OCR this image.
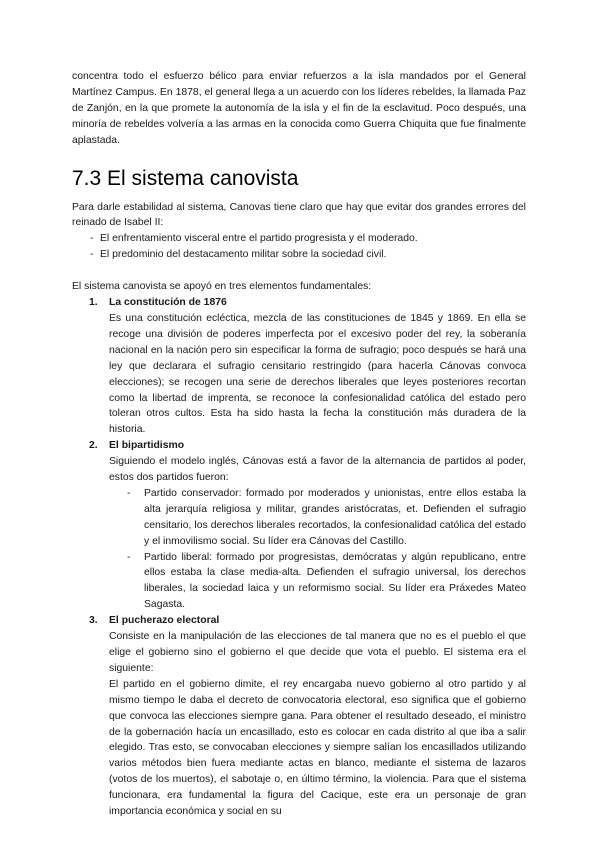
concentra todo el esfuerzo bélico para enviar refuerzos a la isla mandados por el General Martínez Campus. En 1878, el general llega a un acuerdo con los líderes rebeldes, la llamada Paz de Zanjón, en la que promete la autonomía de la isla y el fin de la esclavitud. Poco después, una minoría de rebeldes volvería a las armas en la conocida como Guerra Chiquita que fue finalmente aplastada.

7.3 El sistema canovista

Para darle estabilidad al sistema, Canovas tiene claro que hay que evitar dos grandes errores del reinado de Isabel II:

- El enfrentamiento visceral entre el partido progresista y el moderado.
- El predominio del destacamento militar sobre la sociedad civil.

El sistema canovista se apoyó en tres elementos fundamentales:

1. La constitución de 1876

Es una constitución ecléctica, mezcla de las constituciones de 1845 y 1869. En ella se recoge una división de poderes imperfecta por el excesivo poder del rey, la soberanía nacional en la nación pero sin especificar la forma de sufragio; poco después se hará una ley que declarara el sufragio censitario restringido (para hacerla Cánovas convoca elecciones); se recogen una serie de derechos liberales que leyes posteriores recortan como la libertad de imprenta, se reconoce la confesionalidad católica del estado pero toleran otros cultos. Esta ha sido hasta la fecha la constitución más duradera de la historia.

2. El bipartidismo

Siguiendo el modelo inglés, Cánovas está a favor de la alternancia de partidos al poder, estos dos partidos fueron:

- Partido conservador: formado por moderados y unionistas, entre ellos estaba la alta jerarquía religiosa y militar, grandes aristócratas, et. Defienden el sufragio censitario, los derechos liberales recortados, la confesionalidad católica del estado y el inmovilismo social. Su líder era Cánovas del Castillo.
- Partido liberal: formado por progresistas, demócratas y algún republicano, entre ellos estaba la clase media-alta. Defienden el sufragio universal, los derechos liberales, la sociedad laica y un reformismo social. Su líder era Práxedes Mateo Sagasta.
3. El pucherazo electoral

Consiste en la manipulación de las elecciones de tal manera que no es el pueblo el que elige el gobierno sino el gobierno el que decide que vota el pueblo. El sistema era el siguiente:

El partido en el gobierno dimite, el rey encargaba nuevo gobierno al otro partido y al mismo tiempo le daba el decreto de convocatoria electoral, eso significa que el gobierno que convoca las elecciones siempre gana. Para obtener el resultado deseado, el ministro de la gobernación hacía un encasillado, esto es colocar en cada distrito al que iba a salir elegido. Tras esto, se convocaban elecciones y siempre salían los encasillados utilizando varios métodos bien fuera mediante actas en blanco, mediante el sistema de lazaros (votos de los muertos), el sabotaje o, en último término, la violencia. Para que el sistema funcionara, era fundamental la figura del Cacique, este era un personaje de gran importancia económica y social en su
